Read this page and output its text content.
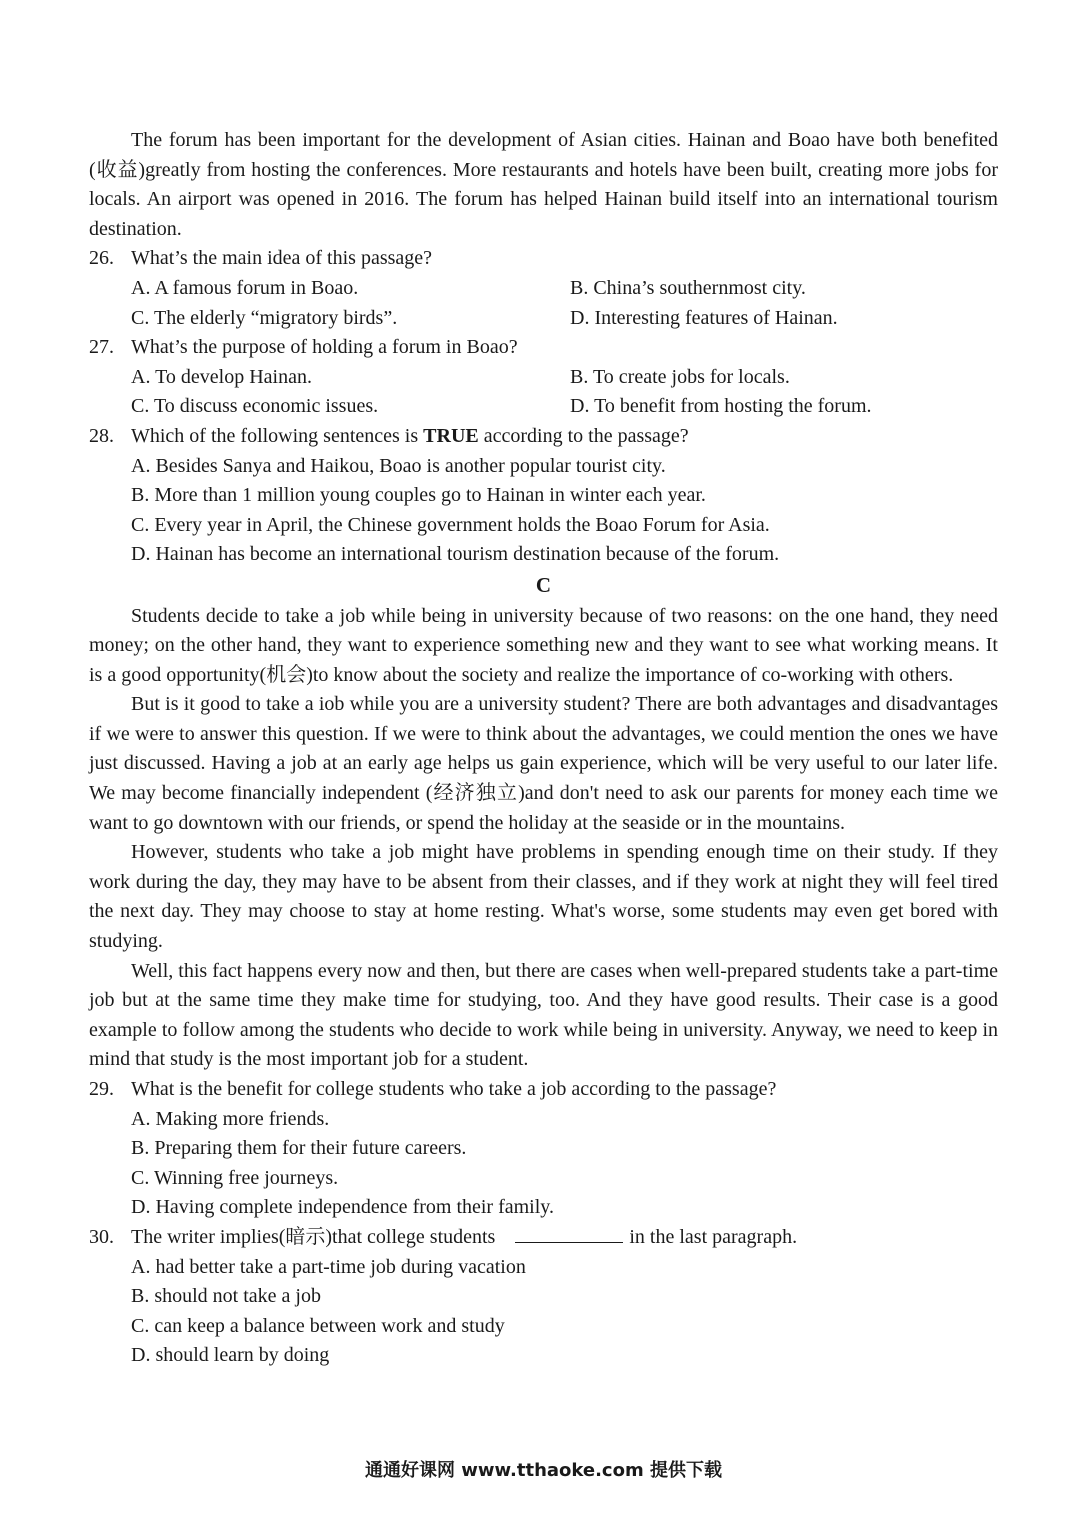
The forum has been important for the development of Asian cities. Hainan and Boao have both benefited (收益)greatly from hosting the conferences. More restaurants and hotels have been built, creating more jobs for locals. An airport was opened in 2016. The forum has helped Hainan build itself into an international tourism destination.

26. What’s the main idea of this passage?
A. A famous forum in Boao.	B. China’s southernmost city.
C. The elderly “migratory birds”.	D. Interesting features of Hainan.
27. What’s the purpose of holding a forum in Boao?
A. To develop Hainan.	B. To create jobs for locals.
C. To discuss economic issues.	D. To benefit from hosting the forum.
28. Which of the following sentences is TRUE according to the passage?
A. Besides Sanya and Haikou, Boao is another popular tourist city.
B. More than 1 million young couples go to Hainan in winter each year.
C. Every year in April, the Chinese government holds the Boao Forum for Asia.
D. Hainan has become an international tourism destination because of the forum.
C

Students decide to take a job while being in university because of two reasons: on the one hand, they need money; on the other hand, they want to experience something new and they want to see what working means. It is a good opportunity(机会)to know about the society and realize the importance of co-working with others.

But is it good to take a iob while you are a university student? There are both advantages and disadvantages if we were to answer this question. If we were to think about the advantages, we could mention the ones we have just discussed. Having a job at an early age helps us gain experience, which will be very useful to our later life. We may become financially independent (经济独立)and don't need to ask our parents for money each time we want to go downtown with our friends, or spend the holiday at the seaside or in the mountains.

However, students who take a job might have problems in spending enough time on their study. If they work during the day, they may have to be absent from their classes, and if they work at night they will feel tired the next day. They may choose to stay at home resting. What's worse, some students may even get bored with studying.

Well, this fact happens every now and then, but there are cases when well-prepared students take a part-time job but at the same time they make time for studying, too. And they have good results. Their case is a good example to follow among the students who decide to work while being in university. Anyway, we need to keep in mind that study is the most important job for a student.

29. What is the benefit for college students who take a job according to the passage?
A. Making more friends.
B. Preparing them for their future careers.
C. Winning free journeys.
D. Having complete independence from their family.
30. The writer implies(暗示)that college students	in the last paragraph.
A. had better take a part-time job during vacation
B. should not take a job
C. can keep a balance between work and study
D. should learn by doing
通通好课网 www.tthaoke.com 提供下载
